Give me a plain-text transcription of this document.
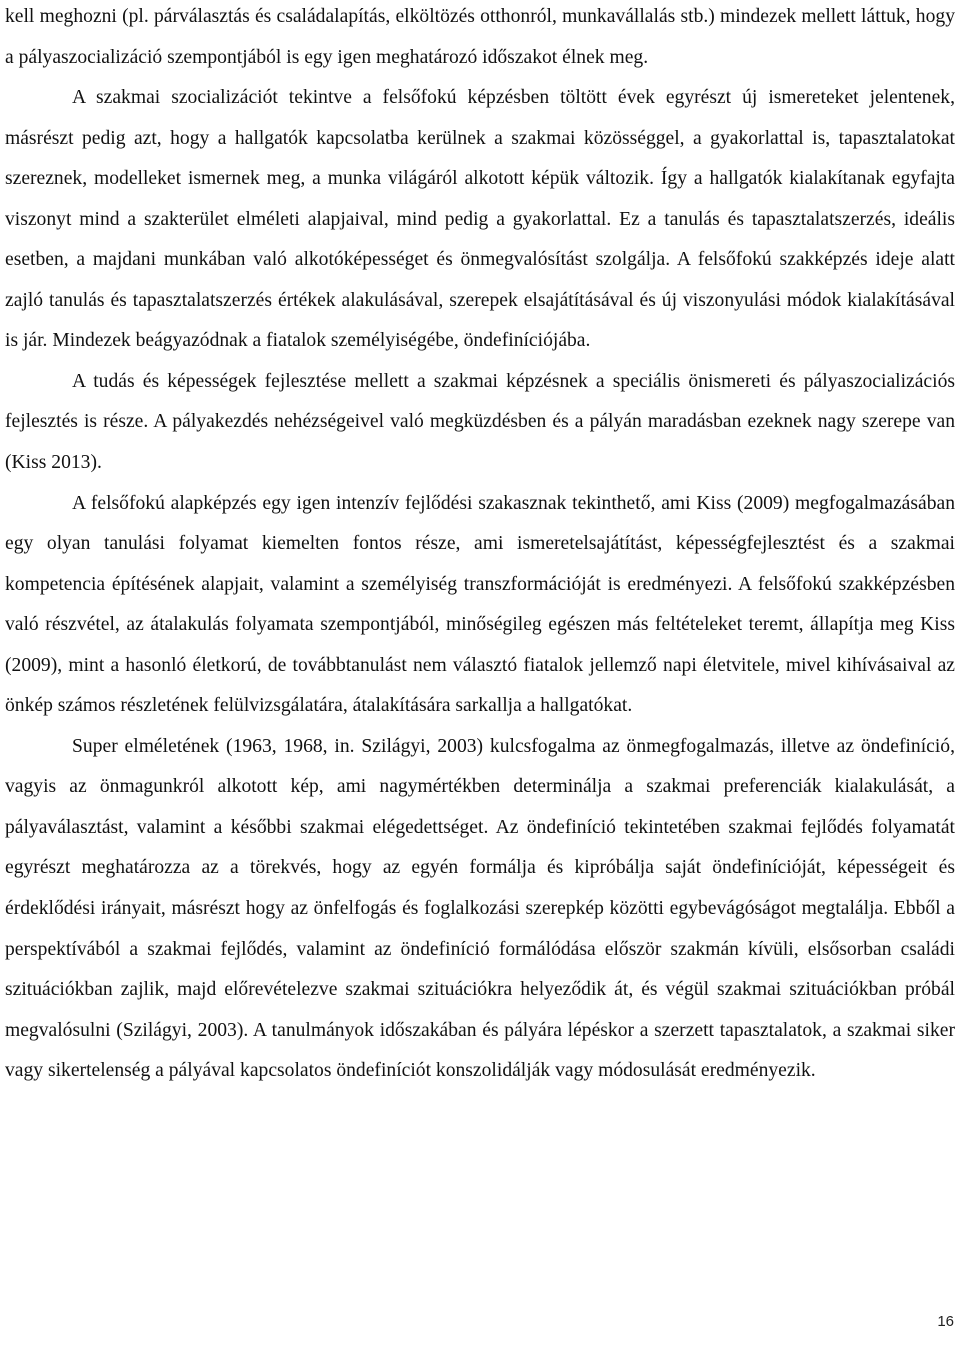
kell meghozni (pl. párválasztás és családalapítás, elköltözés otthonról, munkavállalás stb.) mindezek mellett láttuk, hogy a pályaszocializáció szempontjából is egy igen meghatározó időszakot élnek meg.

A szakmai szocializációt tekintve a felsőfokú képzésben töltött évek egyrészt új ismereteket jelentenek, másrészt pedig azt, hogy a hallgatók kapcsolatba kerülnek a szakmai közösséggel, a gyakorlattal is, tapasztalatokat szereznek, modelleket ismernek meg, a munka világáról alkotott képük változik. Így a hallgatók kialakítanak egyfajta viszonyt mind a szakterület elméleti alapjaival, mind pedig a gyakorlattal. Ez a tanulás és tapasztalatszerzés, ideális esetben, a majdani munkában való alkotóképességet és önmegvalósítást szolgálja. A felsőfokú szakképzés ideje alatt zajló tanulás és tapasztalatszerzés értékek alakulásával, szerepek elsajátításával és új viszonyulási módok kialakításával is jár. Mindezek beágyazódnak a fiatalok személyiségébe, öndefiníciójába.

A tudás és képességek fejlesztése mellett a szakmai képzésnek a speciális önismereti és pályaszocializációs fejlesztés is része. A pályakezdés nehézségeivel való megküzdésben és a pályán maradásban ezeknek nagy szerepe van (Kiss 2013).

A felsőfokú alapképzés egy igen intenzív fejlődési szakasznak tekinthető, ami Kiss (2009) megfogalmazásában egy olyan tanulási folyamat kiemelten fontos része, ami ismeretelsajátítást, képességfejlesztést és a szakmai kompetencia építésének alapjait, valamint a személyiség transzformációját is eredményezi. A felsőfokú szakképzésben való részvétel, az átalakulás folyamata szempontjából, minőségileg egészen más feltételeket teremt, állapítja meg Kiss (2009), mint a hasonló életkorú, de továbbtanulást nem választó fiatalok jellemző napi életvitele, mivel kihívásaival az önkép számos részletének felülvizsgálatára, átalakítására sarkallja a hallgatókat.

Super elméletének (1963, 1968, in. Szilágyi, 2003) kulcsfogalma az önmegfogalmazás, illetve az öndefiníció, vagyis az önmagunkról alkotott kép, ami nagymértékben determinálja a szakmai preferenciák kialakulását, a pályaválasztást, valamint a későbbi szakmai elégedettséget. Az öndefiníció tekintetében szakmai fejlődés folyamatát egyrészt meghatározza az a törekvés, hogy az egyén formálja és kipróbálja saját öndefinícióját, képességeit és érdeklődési irányait, másrészt hogy az önfelfogás és foglalkozási szerepkép közötti egybevágóságot megtalálja. Ebből a perspektívából a szakmai fejlődés, valamint az öndefiníció formálódása először szakmán kívüli, elsősorban családi szituációkban zajlik, majd előrevételezve szakmai szituációkra helyeződik át, és végül szakmai szituációkban próbál megvalósulni (Szilágyi, 2003). A tanulmányok időszakában és pályára lépéskor a szerzett tapasztalatok, a szakmai siker vagy sikertelenség a pályával kapcsolatos öndefiníciót konszolidálják vagy módosulását eredményezik.

16
